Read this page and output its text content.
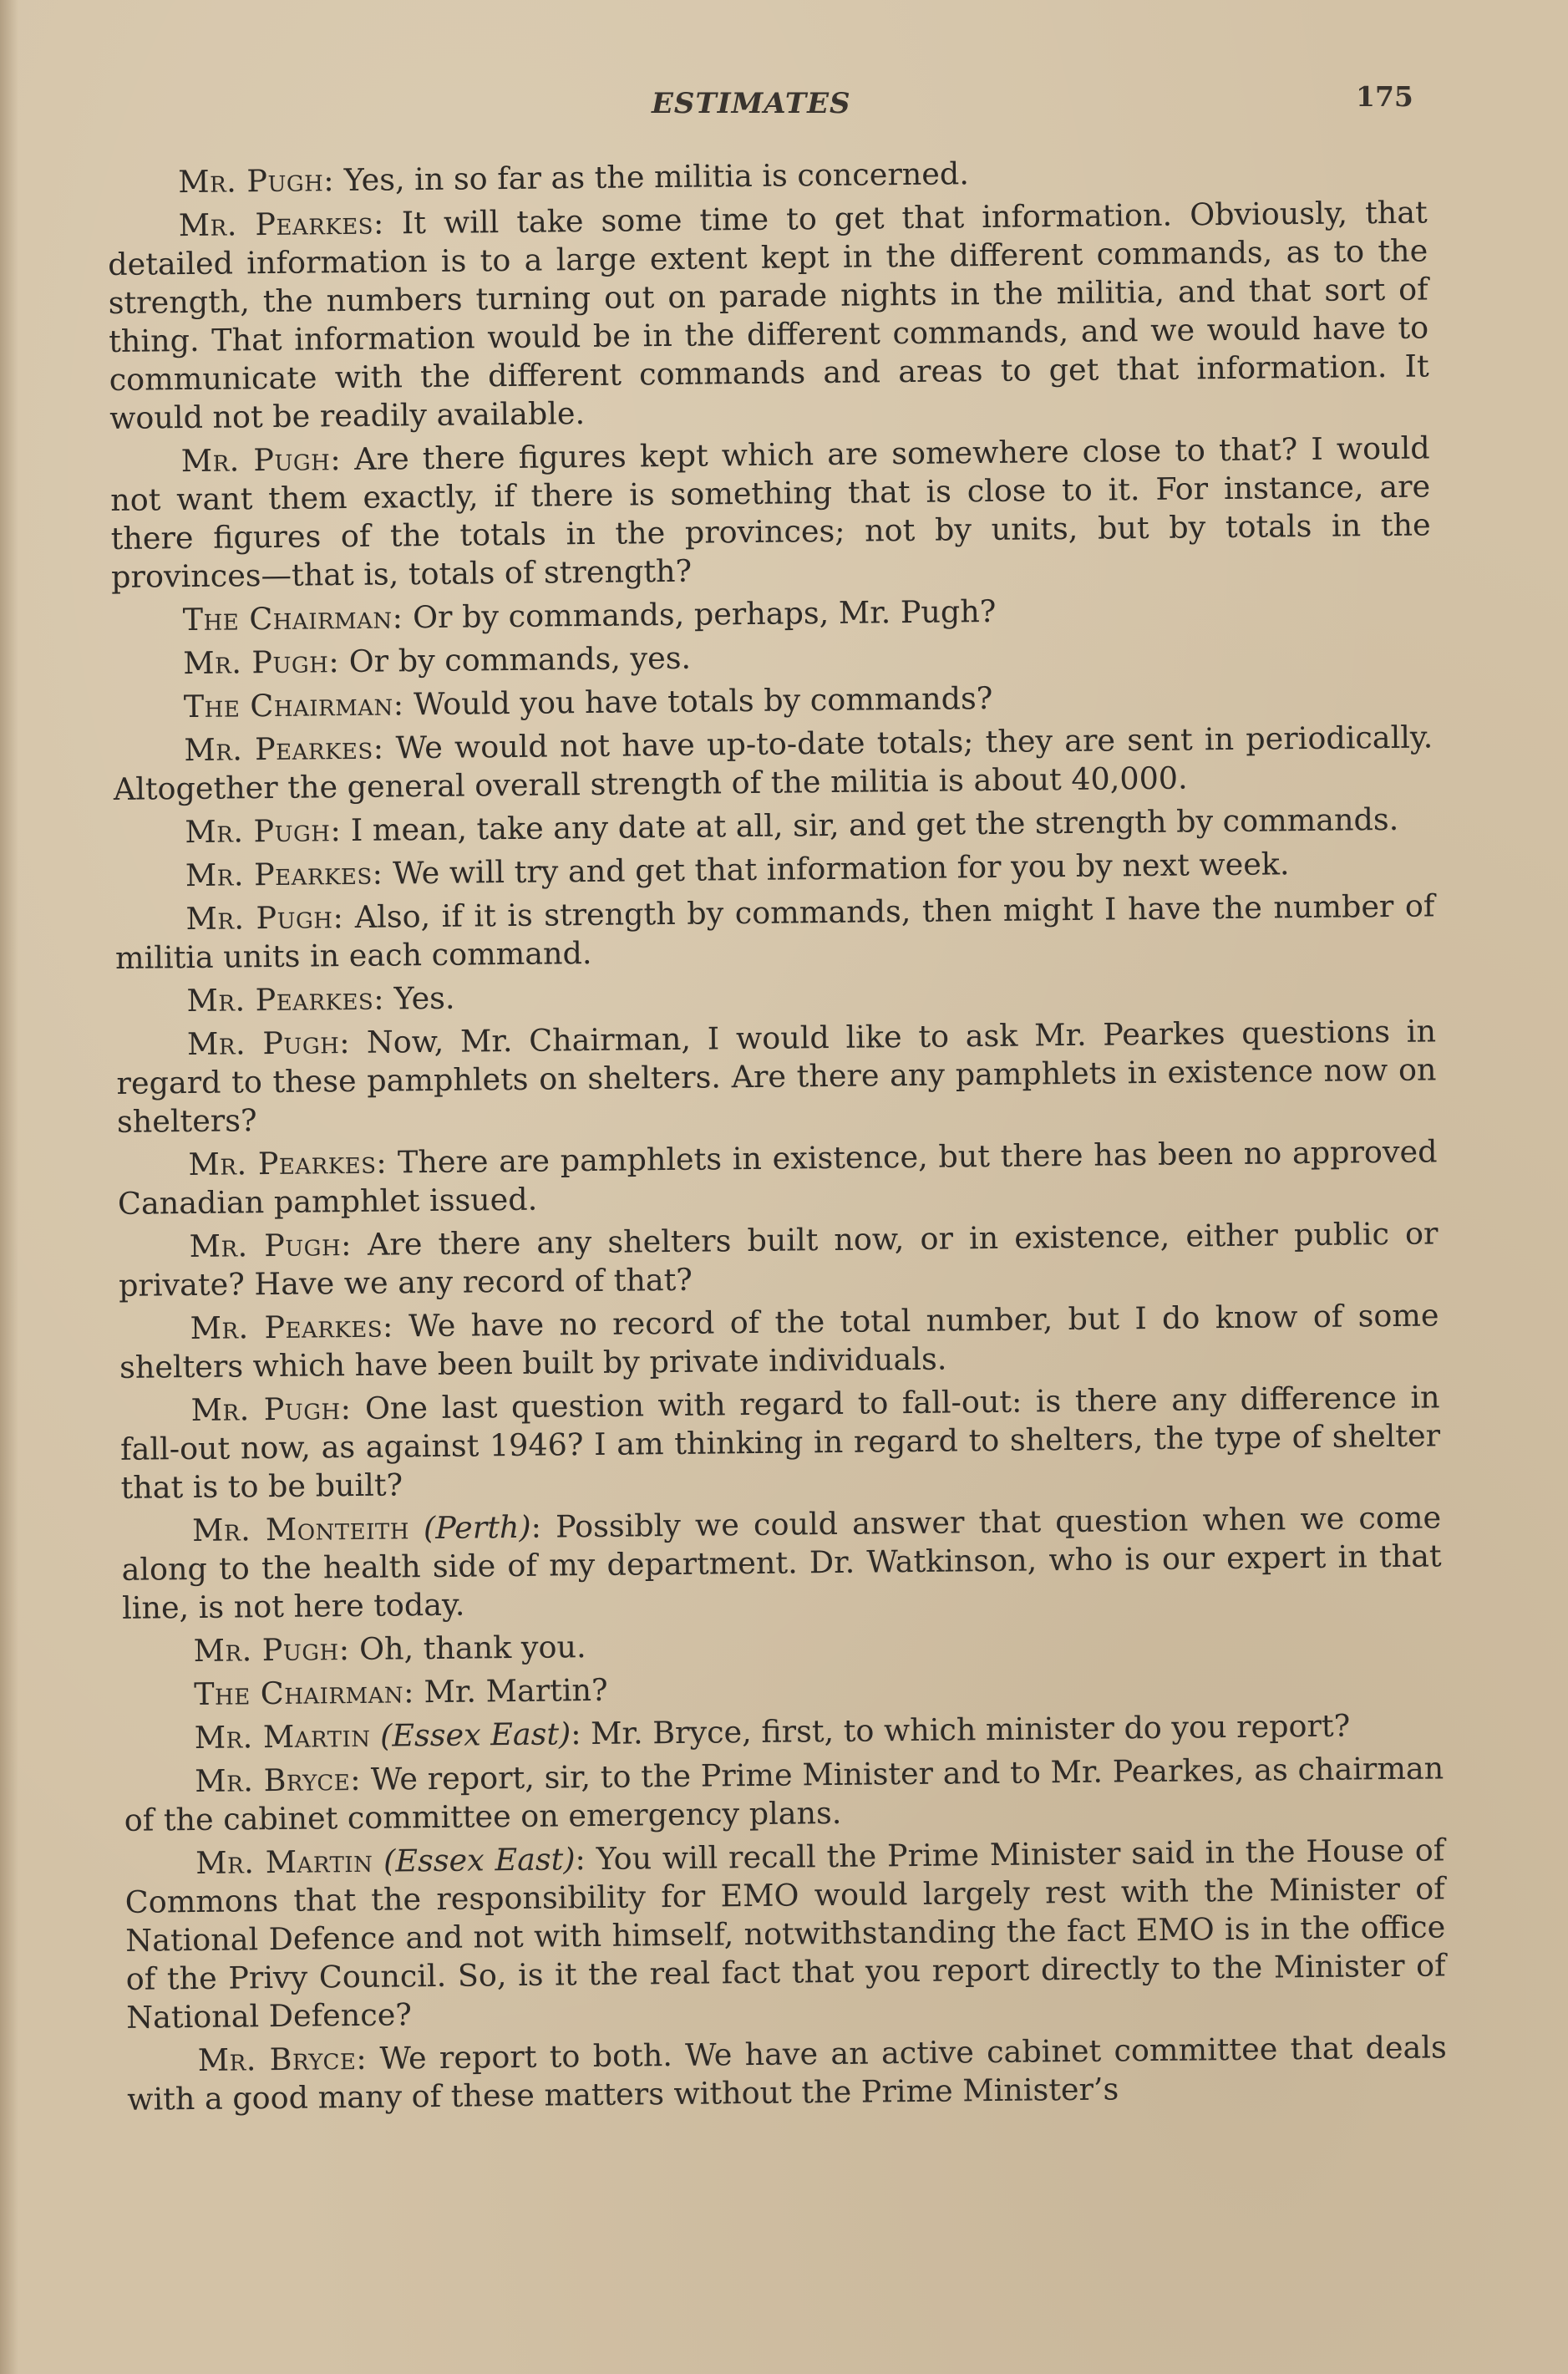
ESTIMATES	175

Mr. Pugh: Yes, in so far as the militia is concerned.

Mr. Pearkes: It will take some time to get that information. Obviously, that detailed information is to a large extent kept in the different commands, as to the strength, the numbers turning out on parade nights in the militia, and that sort of thing. That information would be in the different commands, and we would have to communicate with the different commands and areas to get that information. It would not be readily available.

Mr. Pugh: Are there figures kept which are somewhere close to that? I would not want them exactly, if there is something that is close to it. For instance, are there figures of the totals in the provinces; not by units, but by totals in the provinces—that is, totals of strength?

The Chairman: Or by commands, perhaps, Mr. Pugh?

Mr. Pugh: Or by commands, yes.

The Chairman: Would you have totals by commands?

Mr. Pearkes: We would not have up-to-date totals; they are sent in periodically. Altogether the general overall strength of the militia is about 40,000.

Mr. Pugh: I mean, take any date at all, sir, and get the strength by commands.

Mr. Pearkes: We will try and get that information for you by next week.

Mr. Pugh: Also, if it is strength by commands, then might I have the number of militia units in each command.

Mr. Pearkes: Yes.

Mr. Pugh: Now, Mr. Chairman, I would like to ask Mr. Pearkes questions in regard to these pamphlets on shelters. Are there any pamphlets in existence now on shelters?

Mr. Pearkes: There are pamphlets in existence, but there has been no approved Canadian pamphlet issued.

Mr. Pugh: Are there any shelters built now, or in existence, either public or private? Have we any record of that?

Mr. Pearkes: We have no record of the total number, but I do know of some shelters which have been built by private individuals.

Mr. Pugh: One last question with regard to fall-out: is there any difference in fall-out now, as against 1946? I am thinking in regard to shelters, the type of shelter that is to be built?

Mr. Monteith (Perth): Possibly we could answer that question when we come along to the health side of my department. Dr. Watkinson, who is our expert in that line, is not here today.

Mr. Pugh: Oh, thank you.

The Chairman: Mr. Martin?

Mr. Martin (Essex East): Mr. Bryce, first, to which minister do you report?

Mr. Bryce: We report, sir, to the Prime Minister and to Mr. Pearkes, as chairman of the cabinet committee on emergency plans.

Mr. Martin (Essex East): You will recall the Prime Minister said in the House of Commons that the responsibility for EMO would largely rest with the Minister of National Defence and not with himself, notwithstanding the fact EMO is in the office of the Privy Council. So, is it the real fact that you report directly to the Minister of National Defence?

Mr. Bryce: We report to both. We have an active cabinet committee that deals with a good many of these matters without the Prime Minister’s
